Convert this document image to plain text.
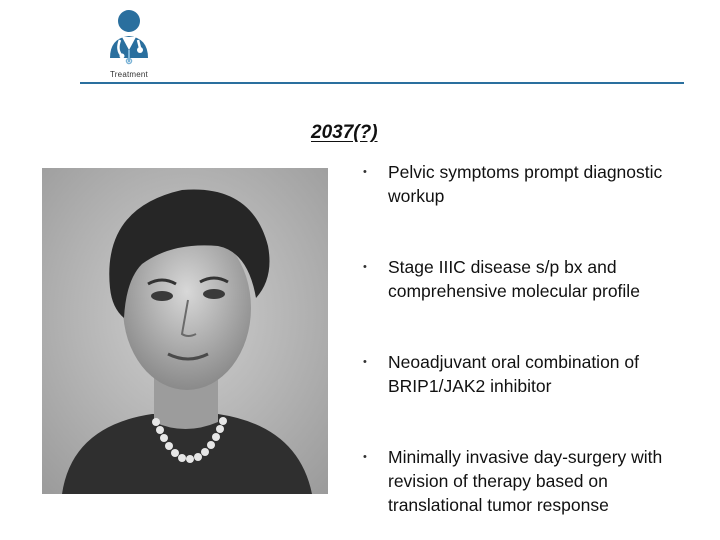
Treatment
2037(?)
• Pelvic symptoms prompt diagnostic workup
• Stage IIIC disease s/p bx and comprehensive molecular profile
• Neoadjuvant oral combination of BRIP1/JAK2 inhibitor
• Minimally invasive day-surgery with revision of therapy based on translational tumor response
